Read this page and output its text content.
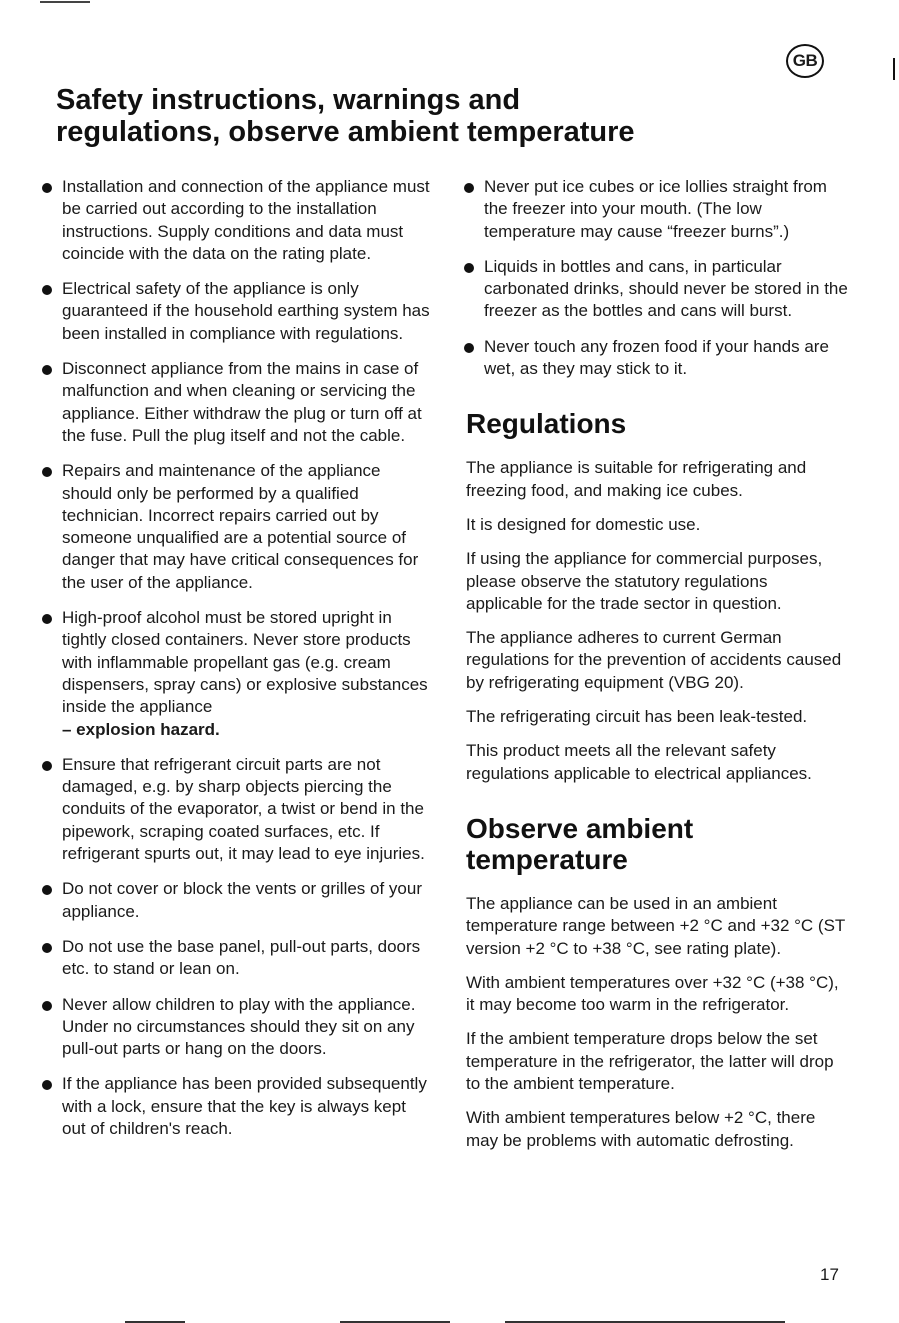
GB
Safety instructions, warnings and
regulations, observe ambient temperature
Installation and connection of the appliance must be carried out according to the installation instructions. Supply conditions and data must coincide with the data on the rating plate.
Electrical safety of the appliance is only guaranteed if the household earthing system has been installed in compliance with regulations.
Disconnect appliance from the mains in case of malfunction and when cleaning or servicing the appliance. Either withdraw the plug or turn off at the fuse. Pull the plug itself and not the cable.
Repairs and maintenance of the appliance should only be performed by a qualified technician. Incorrect repairs carried out by someone unqualified are a potential source of danger that may have critical consequences for the user of the appliance.
High-proof alcohol must be stored upright in tightly closed containers. Never store products with inflammable propellant gas (e.g. cream dispensers, spray cans) or explosive substances inside the appliance
– explosion hazard.
Ensure that refrigerant circuit parts are not damaged, e.g. by sharp objects piercing the conduits of the evaporator, a twist or bend in the pipework, scraping coated surfaces, etc. If refrigerant spurts out, it may lead to eye injuries.
Do not cover or block the vents or grilles of your appliance.
Do not use the base panel, pull-out parts, doors etc. to stand or lean on.
Never allow children to play with the appliance. Under no circumstances should they sit on any pull-out parts or hang on the doors.
If the appliance has been provided subsequently with a lock, ensure that the key is always kept out of children's reach.
Never put ice cubes or ice lollies straight from the freezer into your mouth. (The low temperature may cause “freezer burns”.)
Liquids in bottles and cans, in particular carbonated drinks, should never be stored in the freezer as the bottles and cans will burst.
Never touch any frozen food if your hands are wet, as they may stick to it.
Regulations

The appliance is suitable for refrigerating and freezing food, and making ice cubes.

It is designed for domestic use.

If using the appliance for commercial purposes, please observe the statutory regulations applicable for the trade sector in question.

The appliance adheres to current German regulations for the prevention of accidents caused by refrigerating equipment (VBG 20).

The refrigerating circuit has been leak-tested.

This product meets all the relevant safety regulations applicable to electrical appliances.

Observe ambient
temperature

The appliance can be used in an ambient temperature range between +2 °C and +32 °C (ST version +2 °C to +38 °C, see rating plate).

With ambient temperatures over +32 °C (+38 °C), it may become too warm in the refrigerator.

If the ambient temperature drops below the set temperature in the refrigerator, the latter will drop to the ambient temperature.

With ambient temperatures below +2 °C, there may be problems with automatic defrosting.

17
